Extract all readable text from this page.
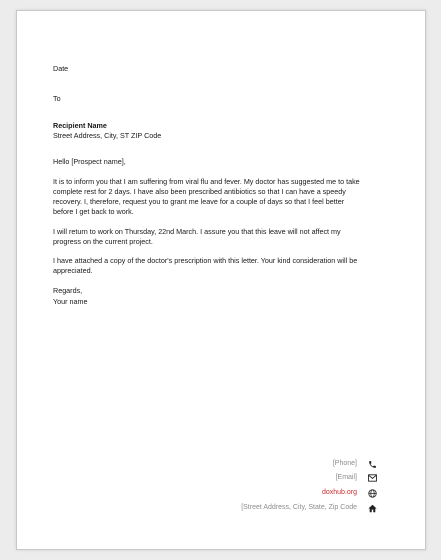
Date

To

Recipient Name

Street Address, City, ST ZIP Code

Hello [Prospect name],

It is to inform you that I am suffering from viral flu and fever. My doctor has suggested me to take

complete rest for 2 days. I have also been prescribed antibiotics so that I can have a speedy

recovery. I, therefore, request you to grant me leave for a couple of days so that I feel better

before I get back to work.

I will return to work on Thursday, 22nd March. I assure you that this leave will not affect my

progress on the current project.

I have attached a copy of the doctor's prescription with this letter. Your kind consideration will be

appreciated.

Regards,

Your name

[Phone]
[Email]
doxhub.org
[Street Address, City, State, Zip Code
